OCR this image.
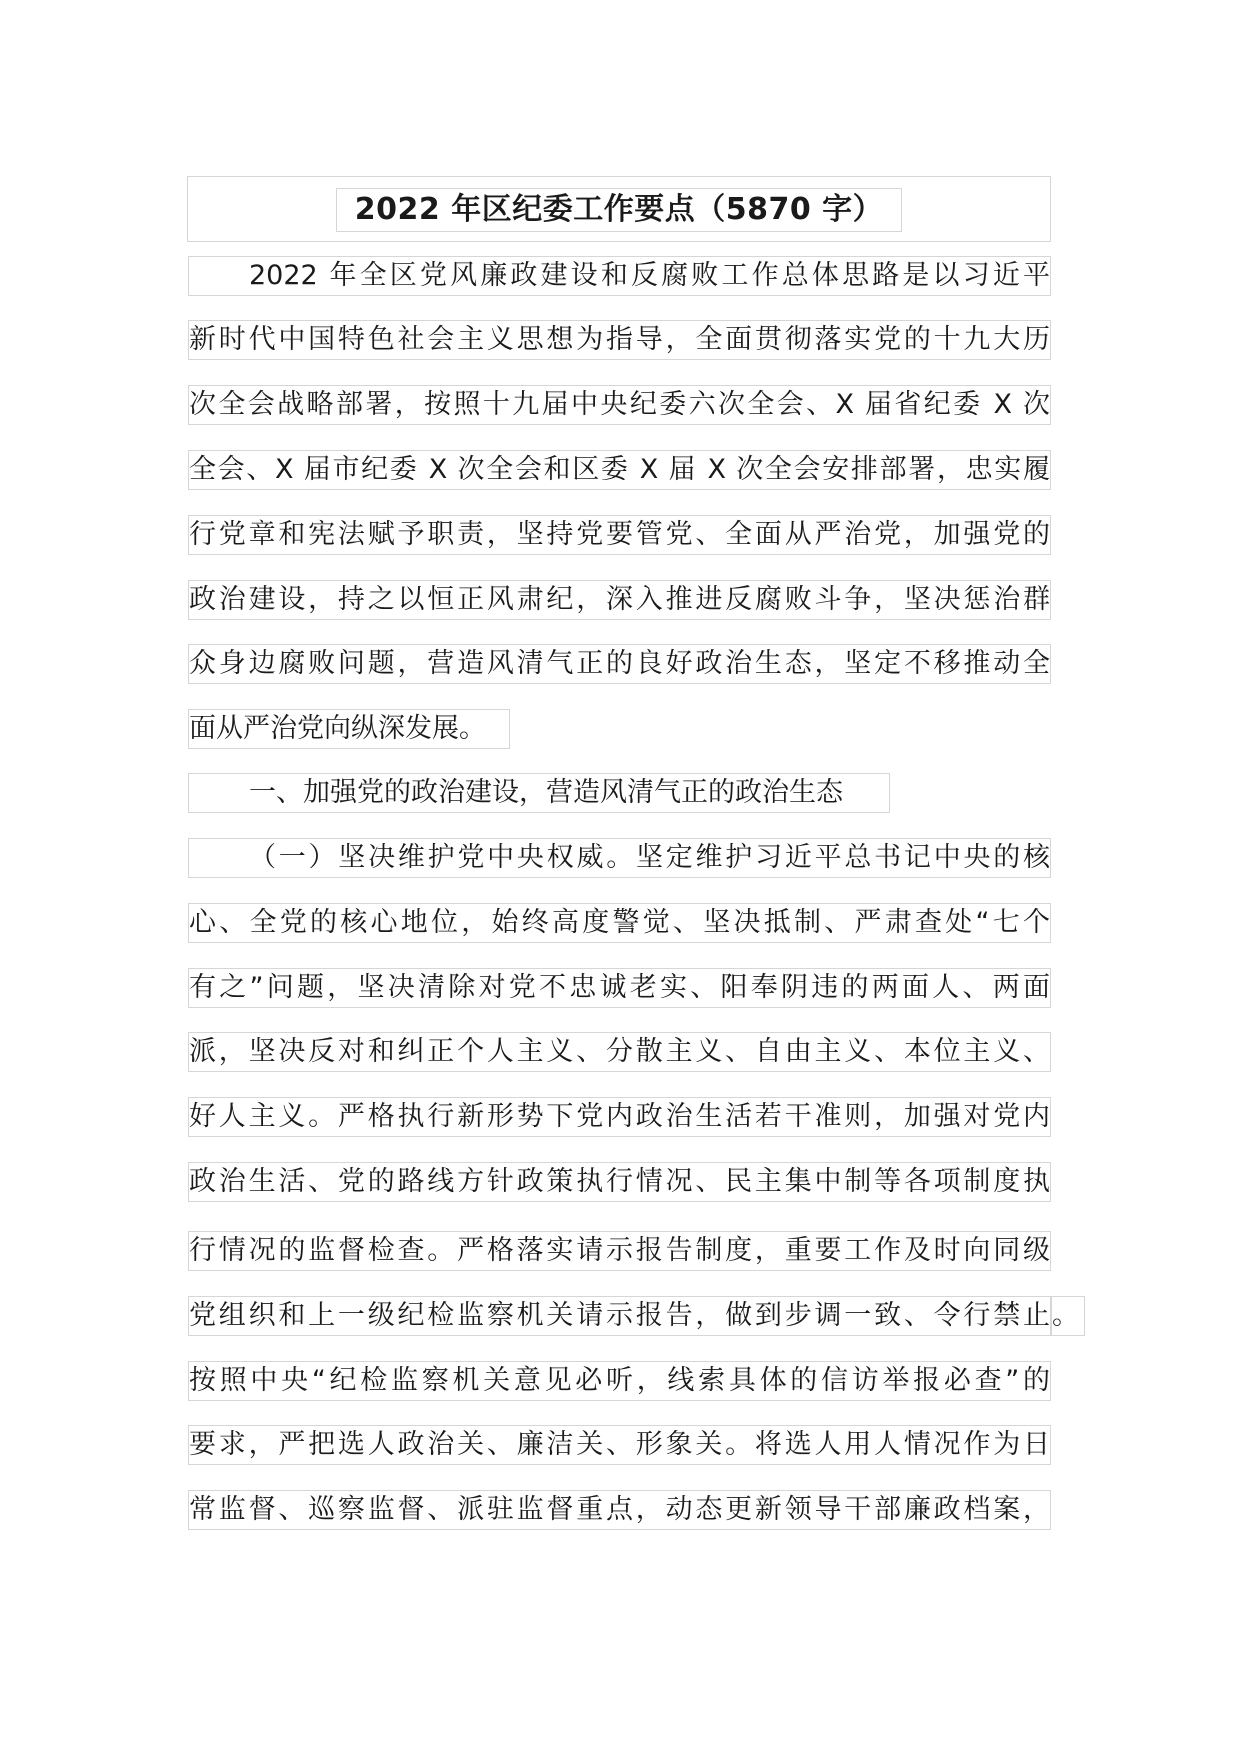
2022 年区纪委工作要点（5870 字）
2022 年全区党风廉政建设和反腐败工作总体思路是以习近平
新时代中国特色社会主义思想为指导，全面贯彻落实党的十九大历
次全会战略部署，按照十九届中央纪委六次全会、X 届省纪委 X 次
全会、X 届市纪委 X 次全会和区委 X 届 X 次全会安排部署，忠实履
行党章和宪法赋予职责，坚持党要管党、全面从严治党，加强党的
政治建设，持之以恒正风肃纪，深入推进反腐败斗争，坚决惩治群
众身边腐败问题，营造风清气正的良好政治生态，坚定不移推动全
面从严治党向纵深发展。
一、加强党的政治建设，营造风清气正的政治生态
（一）坚决维护党中央权威。坚定维护习近平总书记中央的核
心、全党的核心地位，始终高度警觉、坚决抵制、严肃查处“七个
有之”问题，坚决清除对党不忠诚老实、阳奉阴违的两面人、两面
派，坚决反对和纠正个人主义、分散主义、自由主义、本位主义、
好人主义。严格执行新形势下党内政治生活若干准则，加强对党内
政治生活、党的路线方针政策执行情况、民主集中制等各项制度执
行情况的监督检查。严格落实请示报告制度，重要工作及时向同级
党组织和上一级纪检监察机关请示报告，做到步调一致、令行禁止 。
按照中央“纪检监察机关意见必听，线索具体的信访举报必查”的
要求，严把选人政治关、廉洁关、形象关。将选人用人情况作为日
常监督、巡察监督、派驻监督重点，动态更新领导干部廉政档案，
